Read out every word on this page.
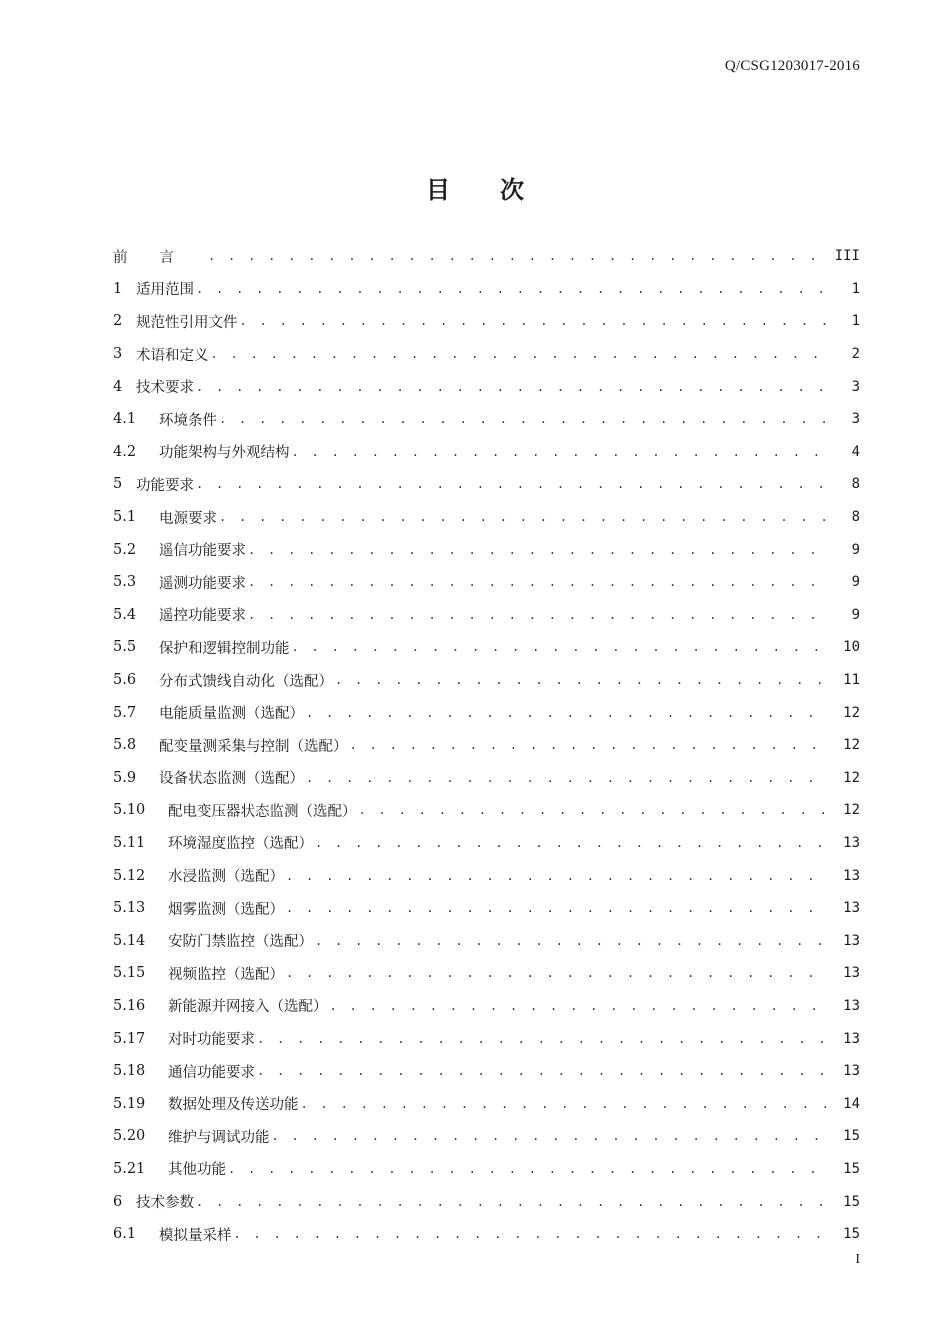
Q/CSG1203017-2016
目次
前言 . . .	III
1 适用范围 . . .	1
2 规范性引用文件 . . .	1
3 术语和定义 . . .	2
4 技术要求 . . .	3
4.1	环境条件 . . .	3
4.2	功能架构与外观结构 . . .	4
5 功能要求 . . .	8
5.1	电源要求 . . .	8
5.2	遥信功能要求 . . .	9
5.3	遥测功能要求 . . .	9
5.4	遥控功能要求 . . .	9
5.5	保护和逻辑控制功能 . . .	10
5.6	分布式馈线自动化（选配） . . .	11
5.7	电能质量监测（选配） . . .	12
5.8	配变量测采集与控制（选配） . . .	12
5.9	设备状态监测（选配） . . .	12
5.10	配电变压器状态监测（选配） . . .	12
5.11	环境湿度监控（选配） . . .	13
5.12	水浸监测（选配） . . .	13
5.13	烟雾监测（选配） . . .	13
5.14	安防门禁监控（选配） . . .	13
5.15	视频监控（选配） . . .	13
5.16	新能源并网接入（选配） . . .	13
5.17	对时功能要求 . . .	13
5.18	通信功能要求 . . .	13
5.19	数据处理及传送功能 . . .	14
5.20	维护与调试功能 . . .	15
5.21	其他功能 . . .	15
6 技术参数 . . .	15
6.1	模拟量采样 . . .	15
I
